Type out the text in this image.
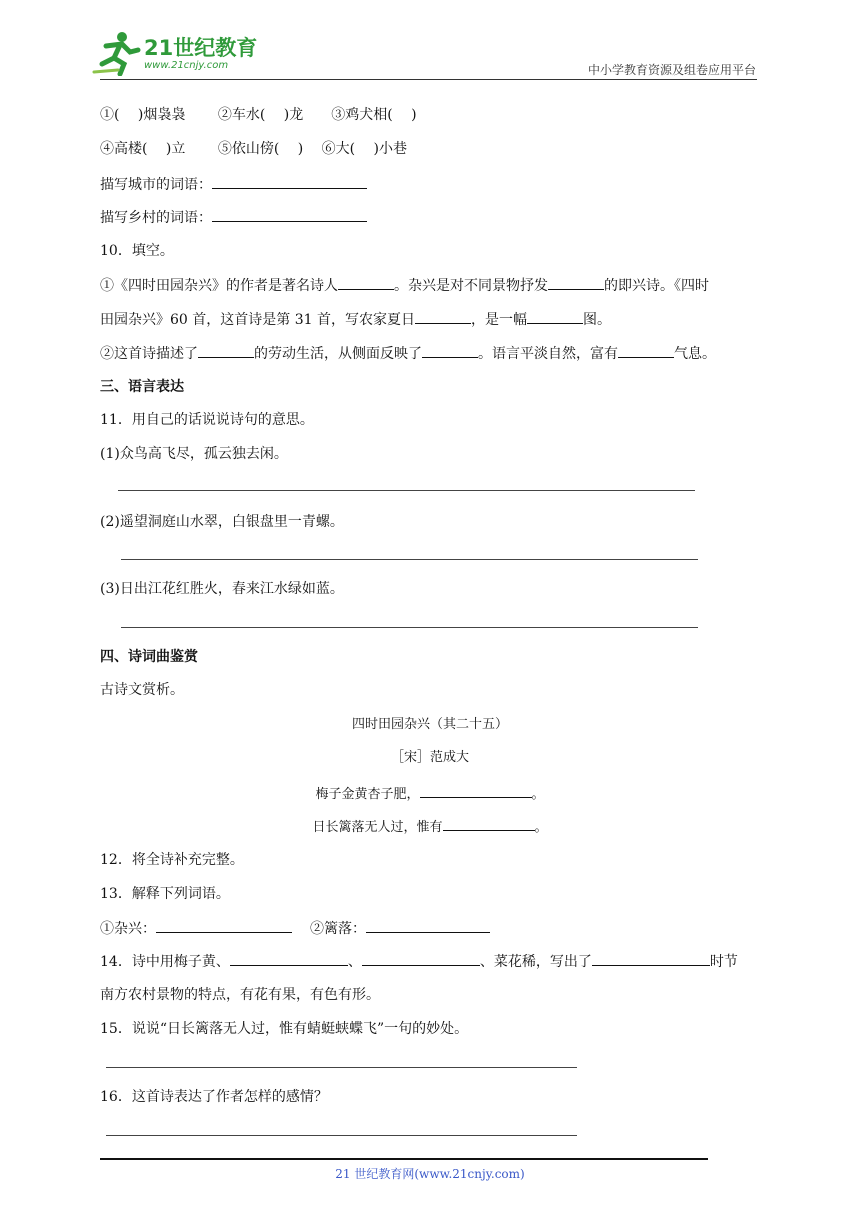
21世纪教育
www.21cnjy.com	中小学教育资源及组卷应用平台
①(　 )烟袅袅　　 ②车水(　 )龙　　③鸡犬相(　 )
④高楼(　 )立　　 ⑤依山傍(　 )　 ⑥大(　 )小巷
描写城市的词语：
描写乡村的词语：
10．填空。
①《四时田园杂兴》的作者是著名诗人	。杂兴是对不同景物抒发	的即兴诗。《四时
田园杂兴》60 首，这首诗是第 31 首，写农家夏日	，是一幅	图。
②这首诗描述了	的劳动生活，从侧面反映了	。语言平淡自然，富有	气息。
三、语言表达
11．用自己的话说说诗句的意思。
(1)众鸟高飞尽，孤云独去闲。
(2)遥望洞庭山水翠，白银盘里一青螺。
(3)日出江花红胜火，春来江水绿如蓝。
四、诗词曲鉴赏
古诗文赏析。
四时田园杂兴（其二十五）
［宋］范成大
梅子金黄杏子肥，	。
日长篱落无人过，惟有	。
12．将全诗补充完整。
13．解释下列词语。
①杂兴：	②篱落：
14．诗中用梅子黄、	、	、菜花稀，写出了	时节
南方农村景物的特点，有花有果，有色有形。
15．说说“日长篱落无人过，惟有蜻蜓蛱蝶飞”一句的妙处。
16．这首诗表达了作者怎样的感情？
21 世纪教育网(www.21cnjy.com)
